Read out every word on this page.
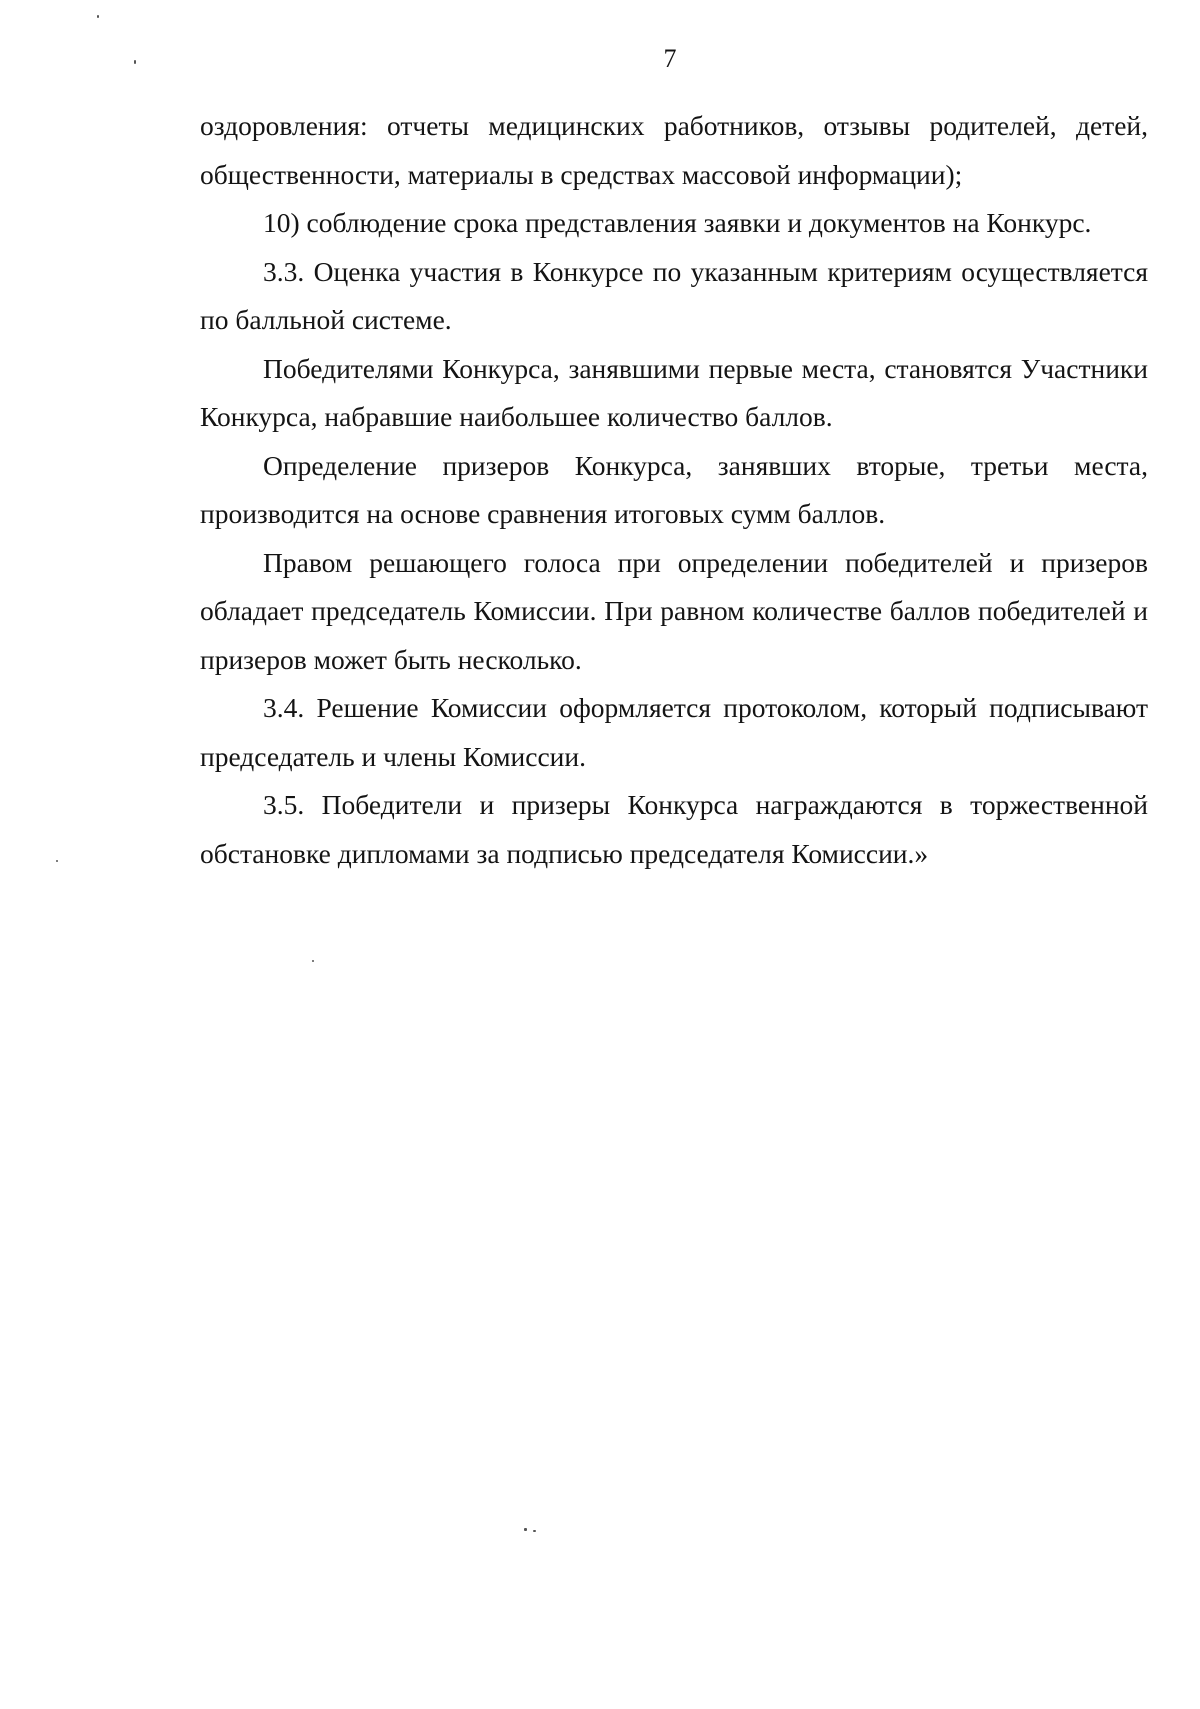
7

оздоровления: отчеты медицинских работников, отзывы родителей, детей, общественности, материалы в средствах массовой информации);

10) соблюдение срока представления заявки и документов на Конкурс.

3.3. Оценка участия в Конкурсе по указанным критериям осуществляется по балльной системе.

Победителями Конкурса, занявшими первые места, становятся Участники Конкурса, набравшие наибольшее количество баллов.

Определение призеров Конкурса, занявших вторые, третьи места, производится на основе сравнения итоговых сумм баллов.

Правом решающего голоса при определении победителей и призеров обладает председатель Комиссии. При равном количестве баллов победителей и призеров может быть несколько.

3.4. Решение Комиссии оформляется протоколом, который подписывают председатель и члены Комиссии.

3.5. Победители и призеры Конкурса награждаются в торжественной обстановке дипломами за подписью председателя Комиссии.»
